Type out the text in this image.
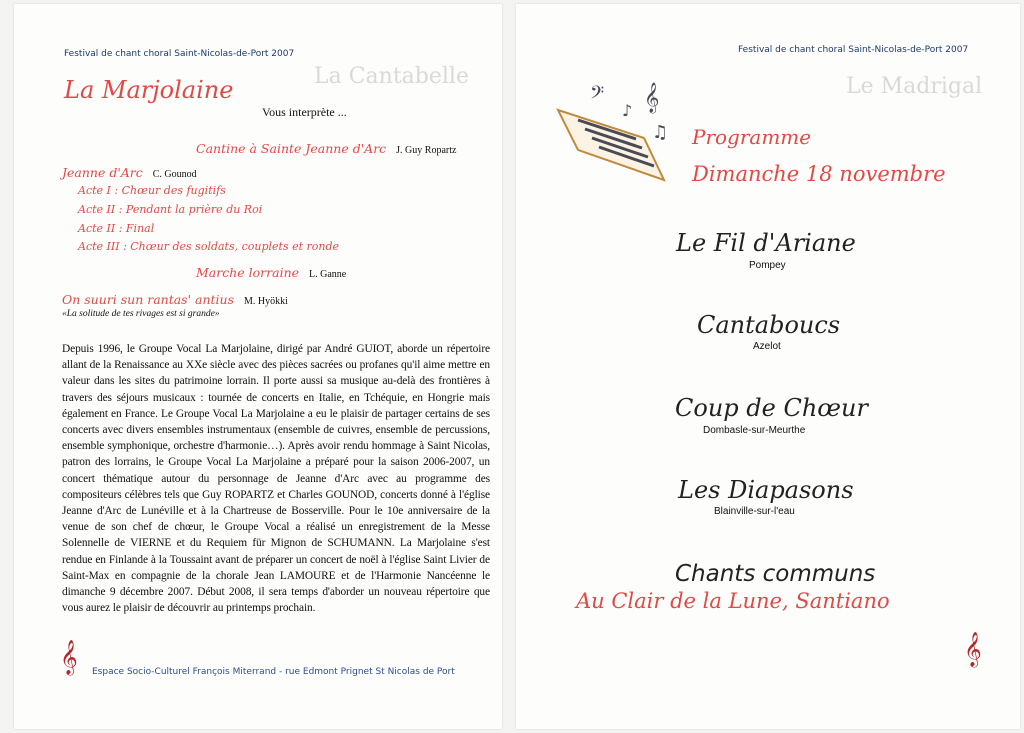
La Cantabelle
Festival de chant choral Saint-Nicolas-de-Port 2007
La Marjolaine
Vous interprète ...
Cantine à Sainte Jeanne d'Arc J. Guy Ropartz
Jeanne d'Arc C. Gounod
Acte I : Chœur des fugitifs
Acte II : Pendant la prière du Roi
Acte II : Final
Acte III : Chœur des soldats, couplets et ronde
Marche lorraine L. Ganne
On suuri sun rantas' antius M. Hyökki
«La solitude de tes rivages est si grande»
Depuis 1996, le Groupe Vocal La Marjolaine, dirigé par André GUIOT, aborde un répertoire allant de la Renaissance au XXe siècle avec des pièces sacrées ou profanes qu'il aime mettre en valeur dans les sites du patrimoine lorrain. Il porte aussi sa musique au-delà des frontières à travers des séjours musicaux : tournée de concerts en Italie, en Tchéquie, en Hongrie mais également en France. Le Groupe Vocal La Marjolaine a eu le plaisir de partager certains de ses concerts avec divers ensembles instrumentaux (ensemble de cuivres, ensemble de percussions, ensemble symphonique, orchestre d'harmonie…). Après avoir rendu hommage à Saint Nicolas, patron des lorrains, le Groupe Vocal La Marjolaine a préparé pour la saison 2006-2007, un concert thématique autour du personnage de Jeanne d'Arc avec au programme des compositeurs célèbres tels que Guy ROPARTZ et Charles GOUNOD, concerts donné à l'église Jeanne d'Arc de Lunéville et à la Chartreuse de Bosserville. Pour le 10e anniversaire de la venue de son chef de chœur, le Groupe Vocal a réalisé un enregistrement de la Messe Solennelle de VIERNE et du Requiem für Mignon de SCHUMANN. La Marjolaine s'est rendue en Finlande à la Toussaint avant de préparer un concert de noël à l'église Saint Livier de Saint-Max en compagnie de la chorale Jean LAMOURE et de l'Harmonie Nancéenne le dimanche 9 décembre 2007. Début 2008, il sera temps d'aborder un nouveau répertoire que vous aurez le plaisir de découvrir au printemps prochain.
𝄞 Espace Socio-Culturel François Miterrand - rue Edmont Prignet St Nicolas de Port
Le Madrigal
Festival de chant choral Saint-Nicolas-de-Port 2007
𝄢
♪ 𝄞
♫ Programme
Dimanche 18 novembre
Le Fil d'Ariane
Pompey
Cantaboucs
Azelot
Coup de Chœur
Dombasle-sur-Meurthe
Les Diapasons
Blainville-sur-l'eau
Chants communs
Au Clair de la Lune, Santiano
𝄞
